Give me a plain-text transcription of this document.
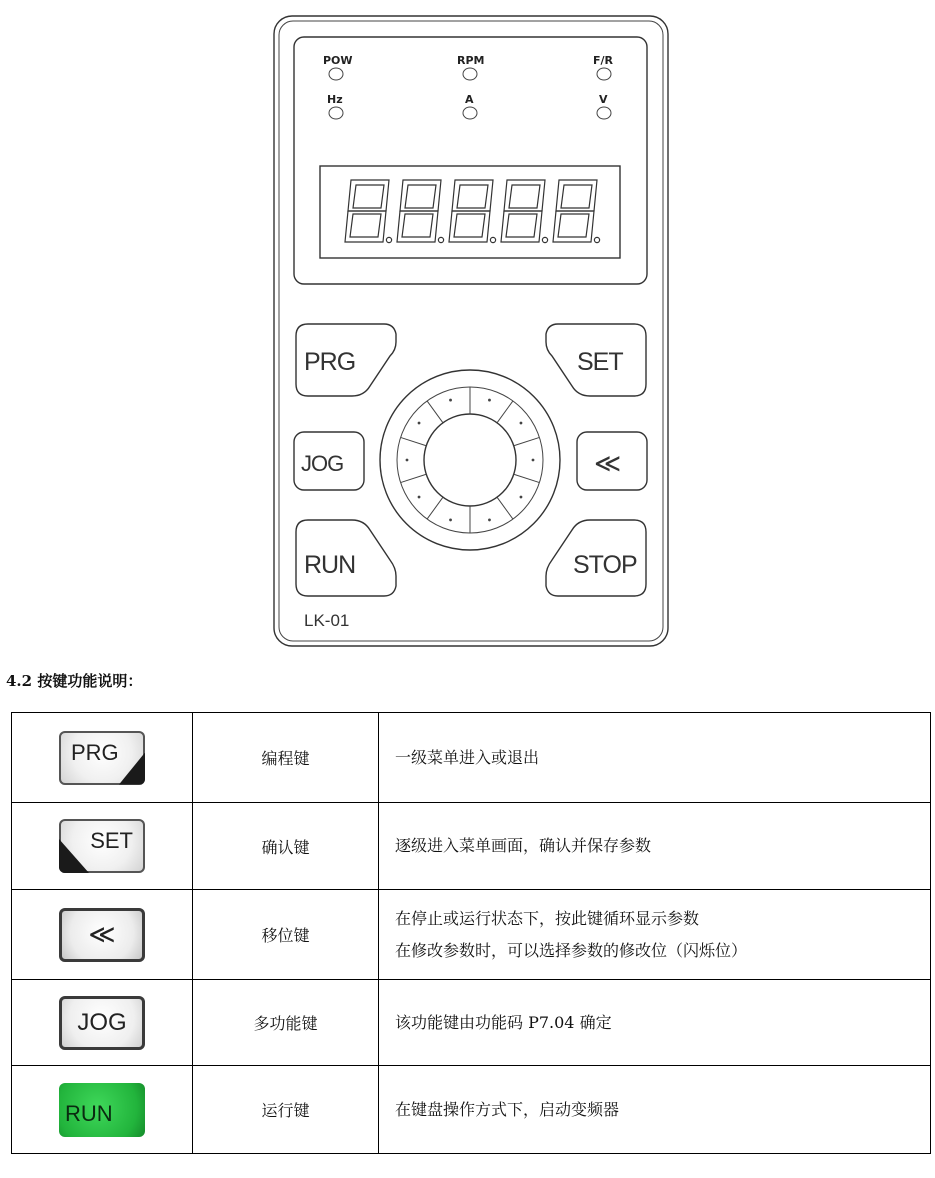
POW	RPM	F/R
Hz	A	V
PRG	SET
JOG	≪
RUN	STOP
LK-01
4.2 按键功能说明：
PRG	编程键	一级菜单进入或退出

SET	确认键	逐级进入菜单画面，确认并保存参数

≪	移位键	在停止或运行状态下，按此键循环显示参数
在修改参数时，可以选择参数的修改位（闪烁位）

JOG	多功能键	该功能键由功能码 P7.04 确定

RUN	运行键	在键盘操作方式下，启动变频器
